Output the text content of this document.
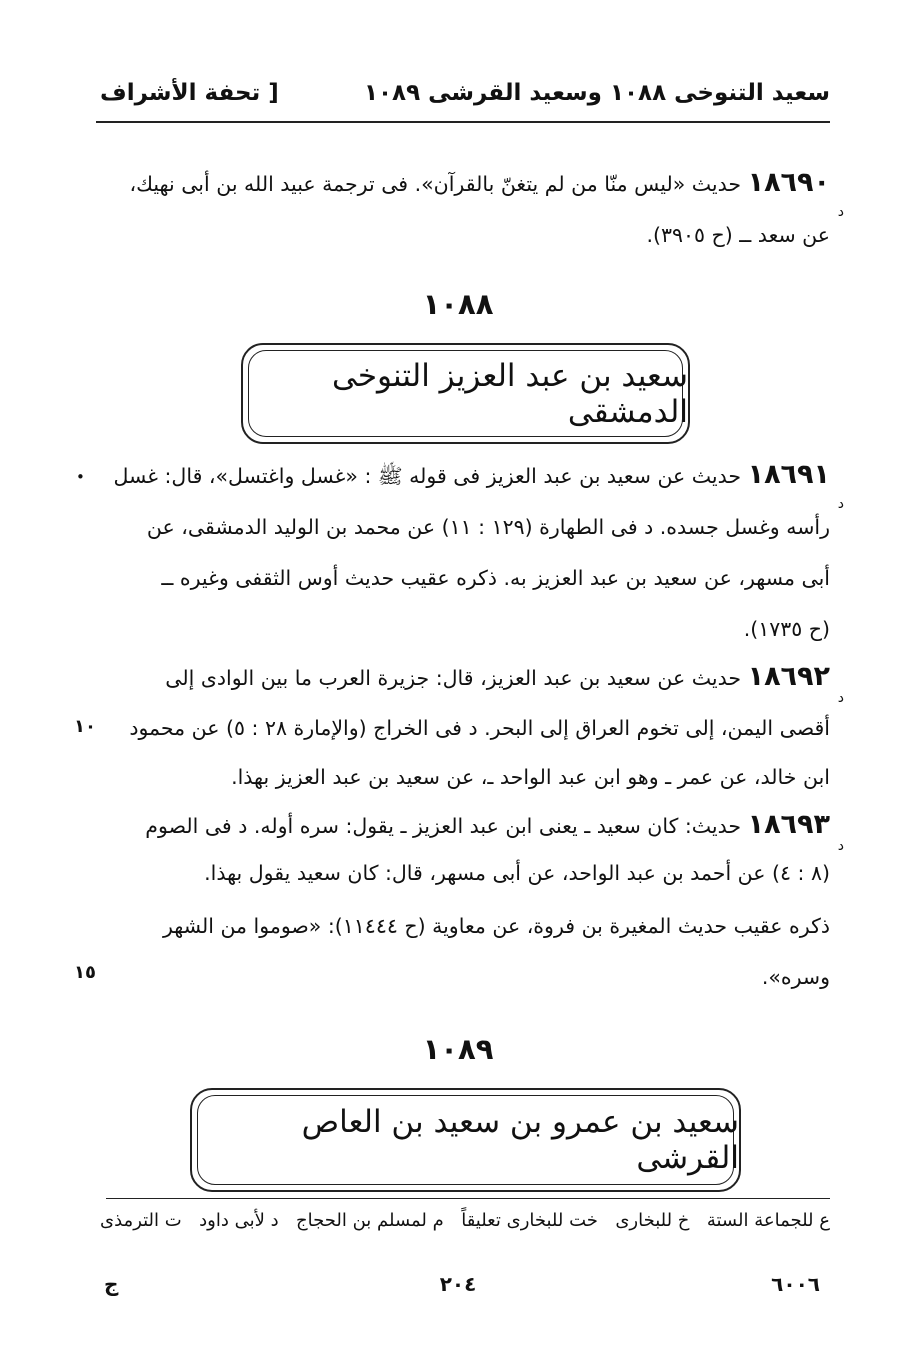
سعيد التنوخى ١٠٨٨ وسعيد القرشى ١٠٨٩
[ تحفة الأشراف
١٨٦٩٠ حديث «ليس منّا من لم يتغنّ بالقرآن». فى ترجمة عبيد الله بن أبى نهيك،
عن سعد ــ (ح ٣٩٠٥).
د
١٠٨٨
سعيد بن عبد العزيز التنوخى الدمشقى
١٨٦٩١ حديث عن سعيد بن عبد العزيز فى قوله ﷺ : «غسل واغتسل»، قال: غسل
رأسه وغسل جسده. د فى الطهارة (١٢٩ : ١١) عن محمد بن الوليد الدمشقى، عن
أبى مسهر، عن سعيد بن عبد العزيز به. ذكره عقيب حديث أوس الثقفى وغيره ــ
(ح ١٧٣٥).
د
•
١٨٦٩٢ حديث عن سعيد بن عبد العزيز، قال: جزيرة العرب ما بين الوادى إلى
أقصى اليمن، إلى تخوم العراق إلى البحر. د فى الخراج (والإمارة ٢٨ : ٥) عن محمود
ابن خالد، عن عمر ـ وهو ابن عبد الواحد ـ، عن سعيد بن عبد العزيز بهذا.
د
١٠
١٨٦٩٣ حديث: كان سعيد ـ يعنى ابن عبد العزيز ـ يقول: سره أوله. د فى الصوم
(٨ : ٤) عن أحمد بن عبد الواحد، عن أبى مسهر، قال: كان سعيد يقول بهذا.
ذكره عقيب حديث المغيرة بن فروة، عن معاوية (ح ١١٤٤٤): «صوموا من الشهر
وسره».
د
١٥
١٠٨٩
سعيد بن عمرو بن سعيد بن العاص القرشى
ع للجماعة الستة
خ للبخارى
خت للبخارى تعليقاً
م لمسلم بن الحجاج
د لأبى داود
ت الترمذى
٦٠٠٦
٢٠٤
ج
